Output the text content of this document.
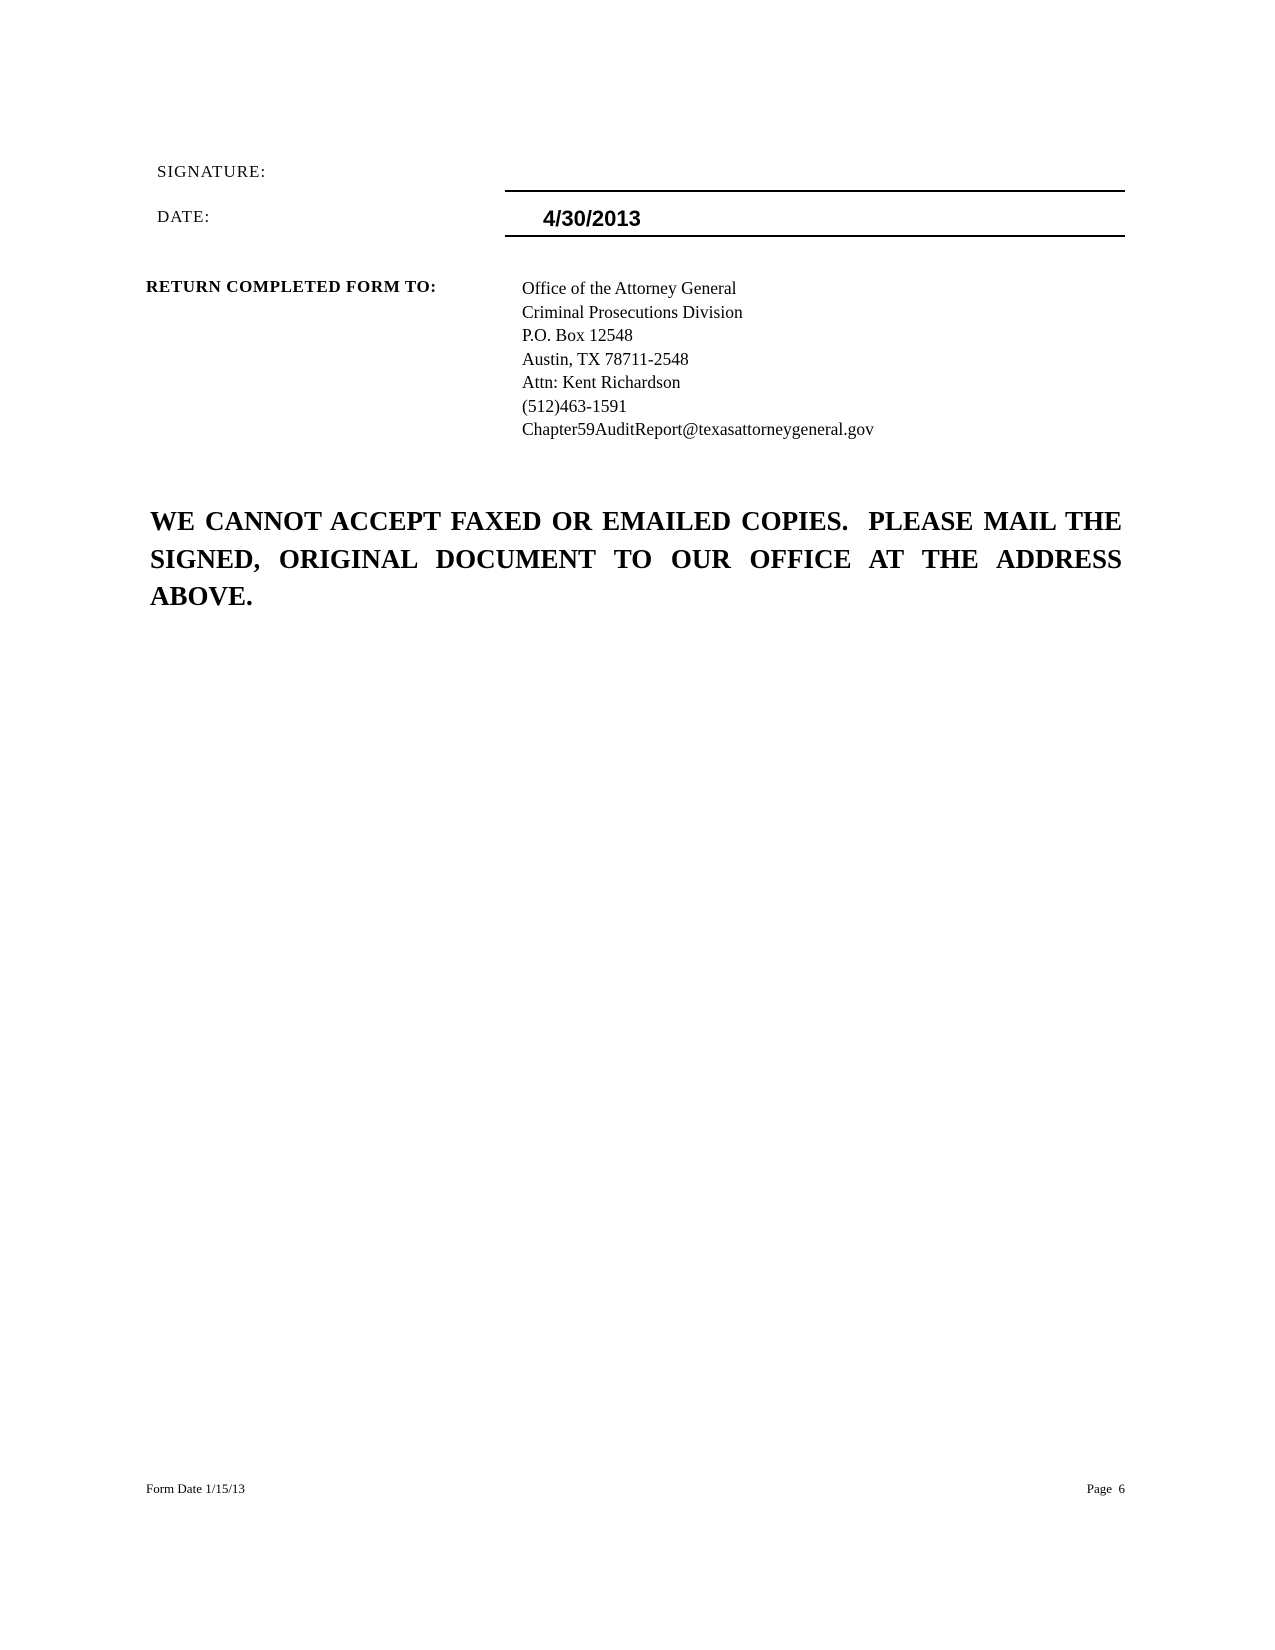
SIGNATURE:
DATE:	4/30/2013
RETURN COMPLETED FORM TO:	Office of the Attorney General
Criminal Prosecutions Division
P.O. Box 12548
Austin, TX 78711-2548
Attn: Kent Richardson
(512)463-1591
Chapter59AuditReport@texasattorneygeneral.gov

WE CANNOT ACCEPT FAXED OR EMAILED COPIES.  PLEASE MAIL THE SIGNED, ORIGINAL DOCUMENT TO OUR OFFICE AT THE ADDRESS ABOVE.

Form Date 1/15/13	Page  6
